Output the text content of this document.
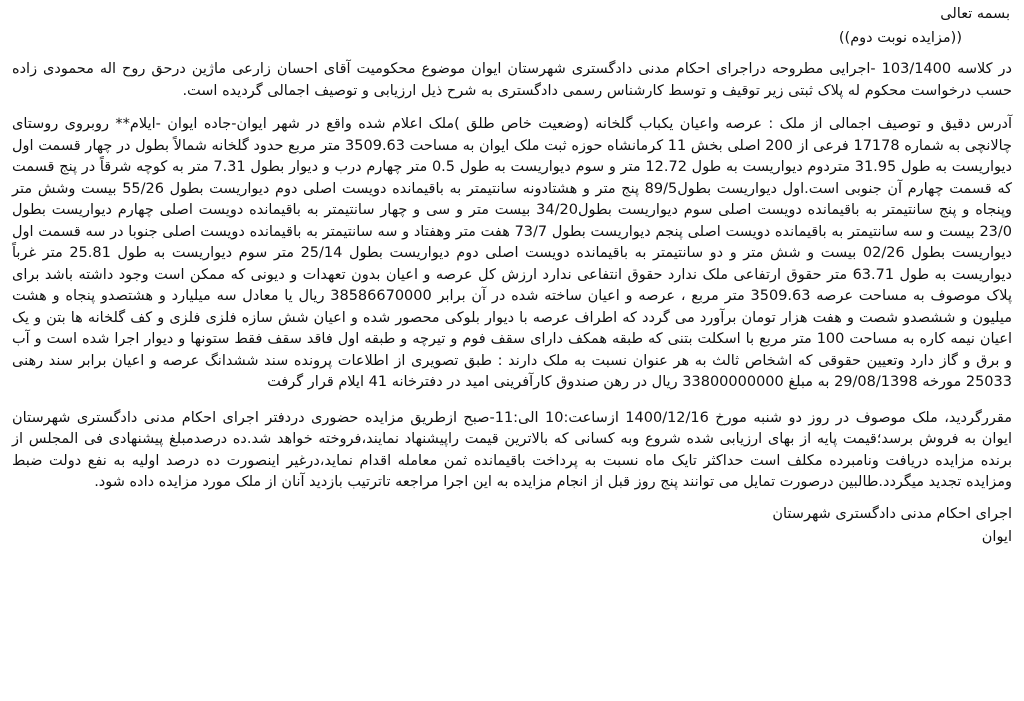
بسمه تعالی
((مزایده نوبت دوم))

در کلاسه 103/1400 -اجرایی مطروحه دراجرای احکام مدنی دادگستری شهرستان ایوان موضوع محکومیت آقای احسان زارعی ماژین درحق روح اله محمودی زاده حسب درخواست محکوم له پلاک ثبتی زیر توقیف و توسط کارشناس رسمی دادگستری به شرح ذیل ارزیابی و توصیف اجمالی گردیده است.

آدرس دقیق و توصیف اجمالی از ملک : عرصه واعیان یکباب گلخانه (وضعیت خاص طلق )ملک اعلام شده واقع در شهر ایوان-جاده ایوان -ایلام** روبروی روستای چالانچی به شماره 17178 فرعی از 200 اصلی بخش 11 کرمانشاه حوزه ثبت ملک ایوان به مساحت 3509.63 متر مربع حدود گلخانه شمالاً بطول در چهار قسمت اول دیواریست به طول 31.95 متردوم دیواریست به طول 12.72 متر و سوم دیواریست به طول 0.5 متر چهارم درب و دیوار بطول 7.31 متر به کوچه شرقاً در پنج قسمت که قسمت چهارم آن جنوبی است.اول دیواریست بطول89/5 پنج متر و هشتادونه سانتیمتر به باقیمانده دویست اصلی دوم دیواریست بطول 55/26 بیست وشش متر وپنجاه و پنج سانتیمتر به باقیمانده دویست اصلی سوم دیواریست بطول34/20 بیست متر و سی و چهار سانتیمتر به باقیمانده دویست اصلی چهارم دیواریست بطول 23/0 بیست و سه سانتیمتر به باقیمانده دویست اصلی پنجم دیواریست بطول 73/7 هفت متر وهفتاد و سه سانتیمتر به باقیمانده دویست اصلی جنوبا در سه قسمت اول دیواریست بطول 02/26 بیست و شش متر و دو سانتیمتر به باقیمانده دویست اصلی دوم دیواریست بطول 25/14 متر سوم دیواریست به طول 25.81 متر غرباً دیواریست به طول 63.71 متر حقوق ارتفاعی ملک ندارد حقوق انتفاعی ندارد ارزش کل عرصه و اعیان بدون تعهدات و دیونی که ممکن است وجود داشته باشد برای پلاک موصوف به مساحت عرصه 3509.63 متر مربع ، عرصه و اعیان ساخته شده در آن برابر 38586670000 ریال یا معادل سه میلیارد و هشتصدو پنجاه و هشت میلیون و ششصدو شصت و هفت هزار تومان برآورد می گردد که اطراف عرصه با دیوار بلوکی محصور شده و اعیان شش سازه فلزی فلزی و کف گلخانه ها بتن و یک اعیان نیمه کاره به مساحت 100 متر مربع با اسکلت بتنی که طبقه همکف دارای سقف فوم و تیرچه و طبقه اول فاقد سقف فقط ستونها و دیوار اجرا شده است و آب و برق و گاز دارد وتعیین حقوقی که اشخاص ثالث به هر عنوان نسبت به ملک دارند : طبق تصویری از اطلاعات پرونده سند ششدانگ عرصه و اعیان برابر سند رهنی 25033 مورخه 29/08/1398 به مبلغ 33800000000 ریال در رهن صندوق کارآفرینی امید در دفترخانه 41 ایلام قرار گرفت

مقررگردید، ملک موصوف در روز دو شنبه مورخ 1400/12/16 ازساعت:10 الی:11-صبح ازطریق مزایده حضوری دردفتر اجرای احکام مدنی دادگستری شهرستان ایوان به فروش برسد؛قیمت پایه از بهای ارزیابی شده شروع وبه کسانی که بالاترین قیمت راپیشنهاد نمایند،فروخته خواهد شد.ده درصدمبلغ پیشنهادی فی المجلس از برنده مزایده دریافت ونامبرده مکلف است حداکثر تایک ماه نسبت به پرداخت باقیمانده ثمن معامله اقدام نماید،درغیر اینصورت ده درصد اولیه به نفع دولت ضبط ومزایده تجدید میگردد.طالبین درصورت تمایل می توانند پنج روز قبل از انجام مزایده به این اجرا مراجعه تاترتیب بازدید آنان از ملک مورد مزایده داده شود.

اجرای احکام مدنی دادگستری شهرستان
ایوان
